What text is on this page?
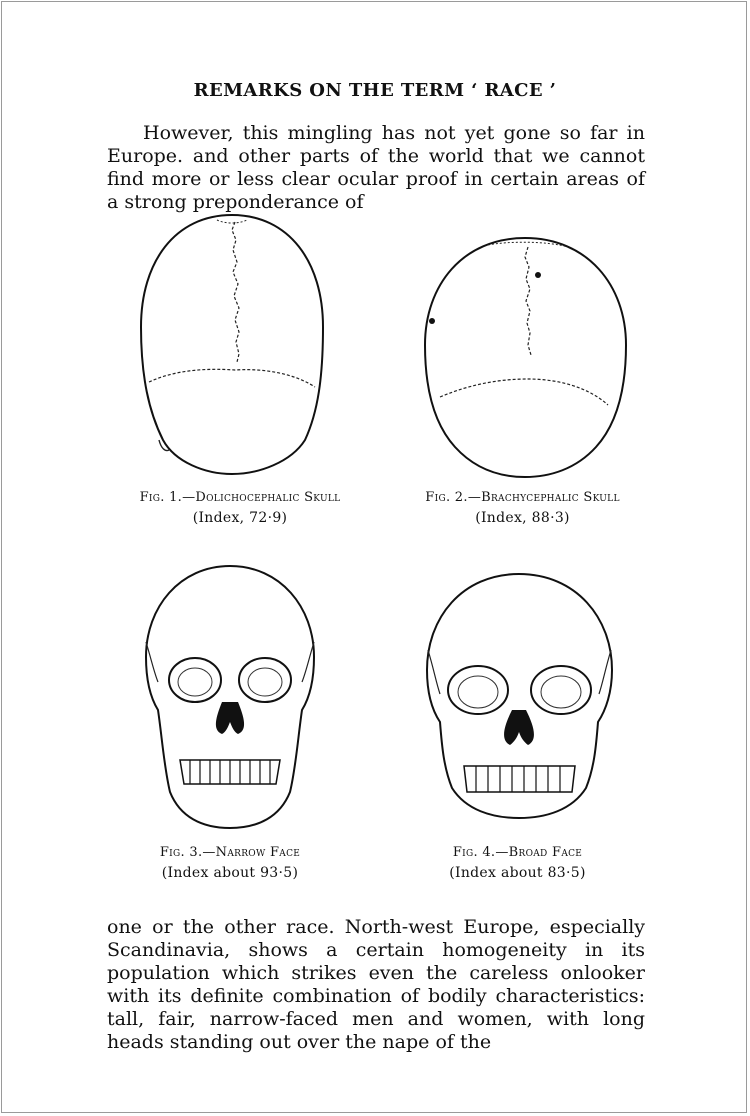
REMARKS ON THE TERM ‘ RACE ’
However, this mingling has not yet gone so far in Europe. and other parts of the world that we cannot find more or less clear ocular proof in certain areas of a strong preponderance of
Fig. 1.—Dolichocephalic Skull
(Index, 72·9)
Fig. 2.—Brachycephalic Skull
(Index, 88·3)
Fig. 3.—Narrow Face
(Index about 93·5)
Fig. 4.—Broad Face
(Index about 83·5)
one or the other race. North-west Europe, especially Scandinavia, shows a certain homogeneity in its population which strikes even the careless onlooker with its definite combination of bodily characteristics: tall, fair, narrow-faced men and women, with long heads standing out over the nape of the
